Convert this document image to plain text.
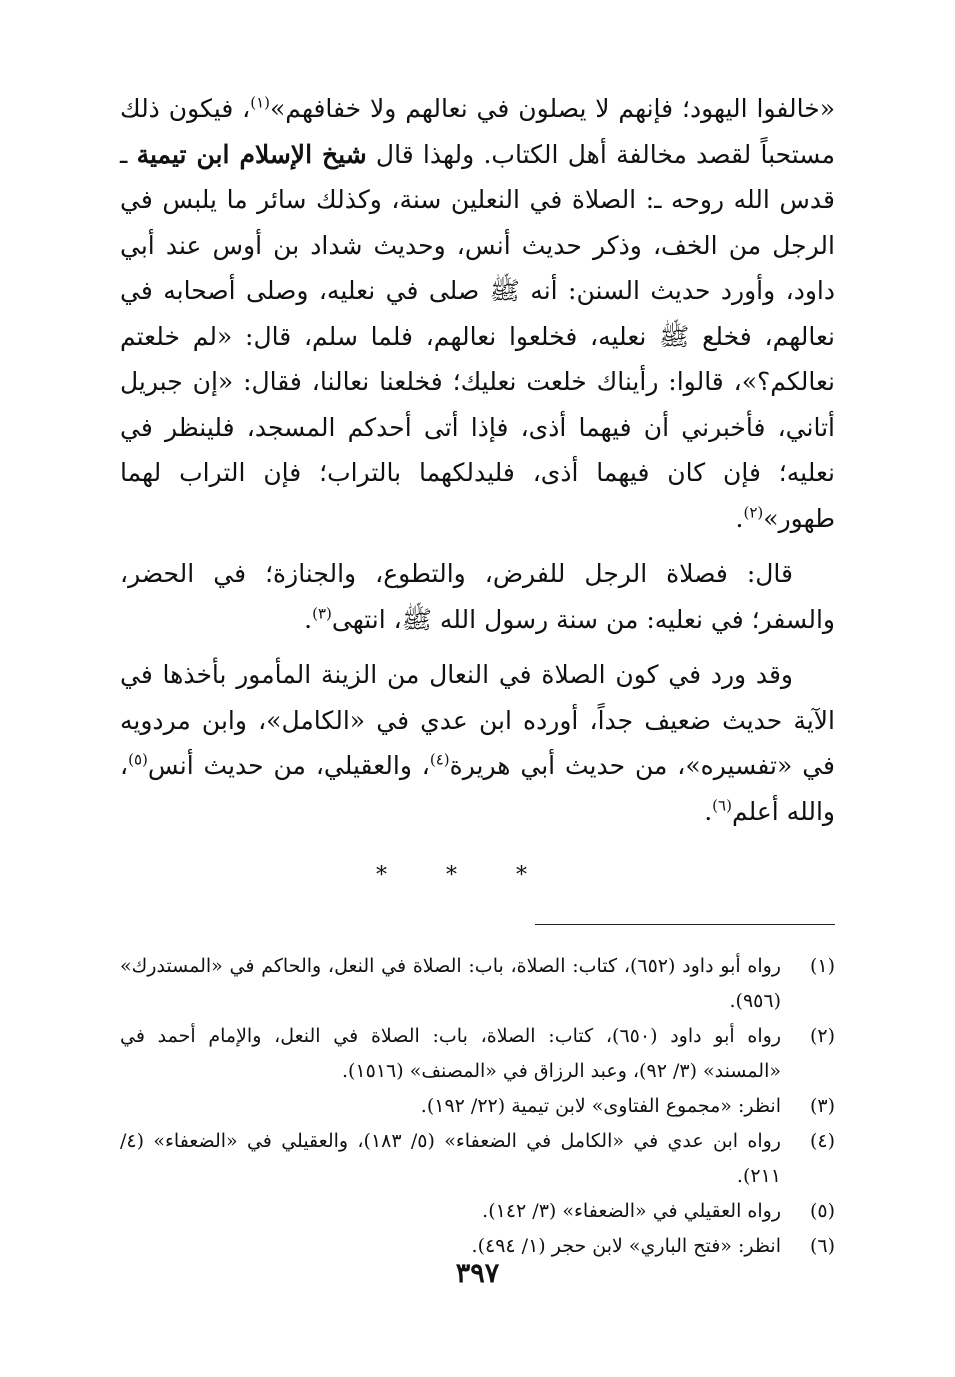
«خالفوا اليهود؛ فإنهم لا يصلون في نعالهم ولا خفافهم»$^{(١)}$، فيكون ذلك مستحباً لقصد مخالفة أهل الكتاب. ولهذا قال شيخ الإسلام ابن تيمية ـ قدس الله روحه ـ: الصلاة في النعلين سنة، وكذلك سائر ما يلبس في الرجل من الخف، وذكر حديث أنس، وحديث شداد بن أوس عند أبي داود، وأورد حديث السنن: أنه ﷺ صلى في نعليه، وصلى أصحابه في نعالهم، فخلع ﷺ نعليه، فخلعوا نعالهم، فلما سلم، قال: «لم خلعتم نعالكم؟»، قالوا: رأيناك خلعت نعليك؛ فخلعنا نعالنا، فقال: «إن جبريل أتاني، فأخبرني أن فيهما أذى، فإذا أتى أحدكم المسجد، فلينظر في نعليه؛ فإن كان فيهما أذى، فليدلكهما بالتراب؛ فإن التراب لهما طهور»$^{(٢)}$.

قال: فصلاة الرجل للفرض، والتطوع، والجنازة؛ في الحضر، والسفر؛ في نعليه: من سنة رسول الله ﷺ، انتهى$^{(٣)}$.

وقد ورد في كون الصلاة في النعال من الزينة المأمور بأخذها في الآية حديث ضعيف جداً، أورده ابن عدي في «الكامل»، وابن مردويه في «تفسيره»، من حديث أبي هريرة$^{(٤)}$، والعقيلي، من حديث أنس$^{(٥)}$، والله أعلم$^{(٦)}$.

* * *
(١)
رواه أبو داود (٦٥٢)، كتاب: الصلاة، باب: الصلاة في النعل، والحاكم في «المستدرك» (٩٥٦).
(٢)
رواه أبو داود (٦٥٠)، كتاب: الصلاة، باب: الصلاة في النعل، والإمام أحمد في «المسند» (٣/ ٩٢)، وعبد الرزاق في «المصنف» (١٥١٦).
(٣)
انظر: «مجموع الفتاوى» لابن تيمية (٢٢/ ١٩٢).
(٤)
رواه ابن عدي في «الكامل في الضعفاء» (٥/ ١٨٣)، والعقيلي في «الضعفاء» (٤/ ٢١١).
(٥)
رواه العقيلي في «الضعفاء» (٣/ ١٤٢).
(٦)
انظر: «فتح الباري» لابن حجر (١/ ٤٩٤).
٣٩٧
